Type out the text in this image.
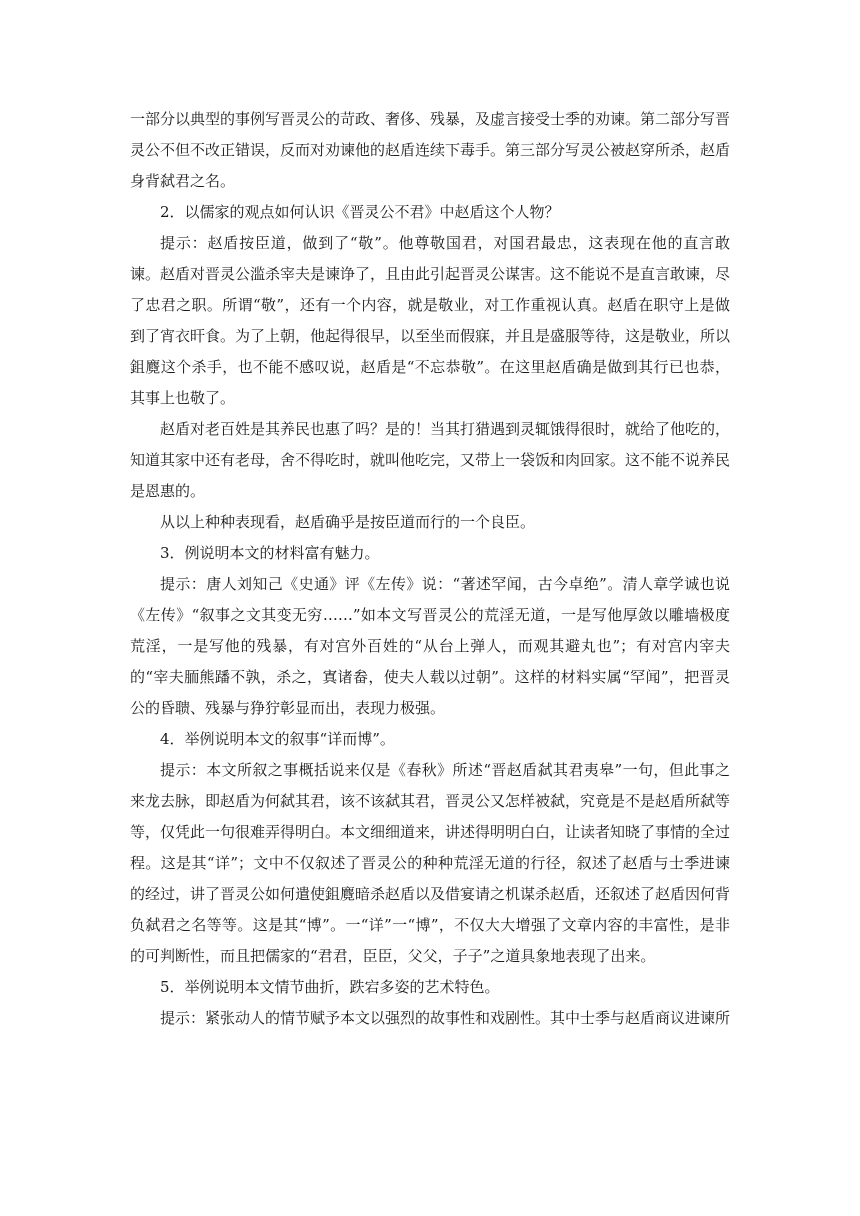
一部分以典型的事例写晋灵公的苛政、奢侈、残暴，及虚言接受士季的劝谏。第二部分写晋灵公不但不改正错误，反而对劝谏他的赵盾连续下毒手。第三部分写灵公被赵穿所杀，赵盾身背弑君之名。

2．以儒家的观点如何认识《晋灵公不君》中赵盾这个人物？

提示：赵盾按臣道，做到了“敬”。他尊敬国君，对国君最忠，这表现在他的直言敢谏。赵盾对晋灵公滥杀宰夫是谏诤了，且由此引起晋灵公谋害。这不能说不是直言敢谏，尽了忠君之职。所谓“敬”，还有一个内容，就是敬业，对工作重视认真。赵盾在职守上是做到了宵衣旰食。为了上朝，他起得很早，以至坐而假寐，并且是盛服等待，这是敬业，所以鉏麑这个杀手，也不能不感叹说，赵盾是“不忘恭敬”。在这里赵盾确是做到其行已也恭，其事上也敬了。

赵盾对老百姓是其养民也惠了吗？是的！当其打猎遇到灵辄饿得很时，就给了他吃的，知道其家中还有老母，舍不得吃时，就叫他吃完，又带上一袋饭和肉回家。这不能不说养民是恩惠的。

从以上种种表现看，赵盾确乎是按臣道而行的一个良臣。

3．例说明本文的材料富有魅力。

提示：唐人刘知己《史通》评《左传》说：“著述罕闻，古今卓绝”。清人章学诚也说《左传》“叙事之文其变无穷……”如本文写晋灵公的荒淫无道，一是写他厚敛以雕墙极度荒淫，一是写他的残暴，有对宫外百姓的“从台上弹人，而观其避丸也”；有对宫内宰夫的“宰夫胹熊蹯不孰，杀之，寘诸畚，使夫人载以过朝”。这样的材料实属“罕闻”，把晋灵公的昏聩、残暴与狰狞彰显而出，表现力极强。

4．举例说明本文的叙事“详而博”。

提示：本文所叙之事概括说来仅是《春秋》所述“晋赵盾弑其君夷皋”一句，但此事之来龙去脉，即赵盾为何弑其君，该不该弑其君，晋灵公又怎样被弑，究竟是不是赵盾所弑等等，仅凭此一句很难弄得明白。本文细细道来，讲述得明明白白，让读者知晓了事情的全过程。这是其“详”；文中不仅叙述了晋灵公的种种荒淫无道的行径，叙述了赵盾与士季进谏的经过，讲了晋灵公如何遣使鉏麑暗杀赵盾以及借宴请之机谋杀赵盾，还叙述了赵盾因何背负弑君之名等等。这是其“博”。一“详”一“博”，不仅大大增强了文章内容的丰富性，是非的可判断性，而且把儒家的“君君，臣臣，父父，子子”之道具象地表现了出来。

5．举例说明本文情节曲折，跌宕多姿的艺术特色。

提示：紧张动人的情节赋予本文以强烈的故事性和戏剧性。其中士季与赵盾商议进谏所
